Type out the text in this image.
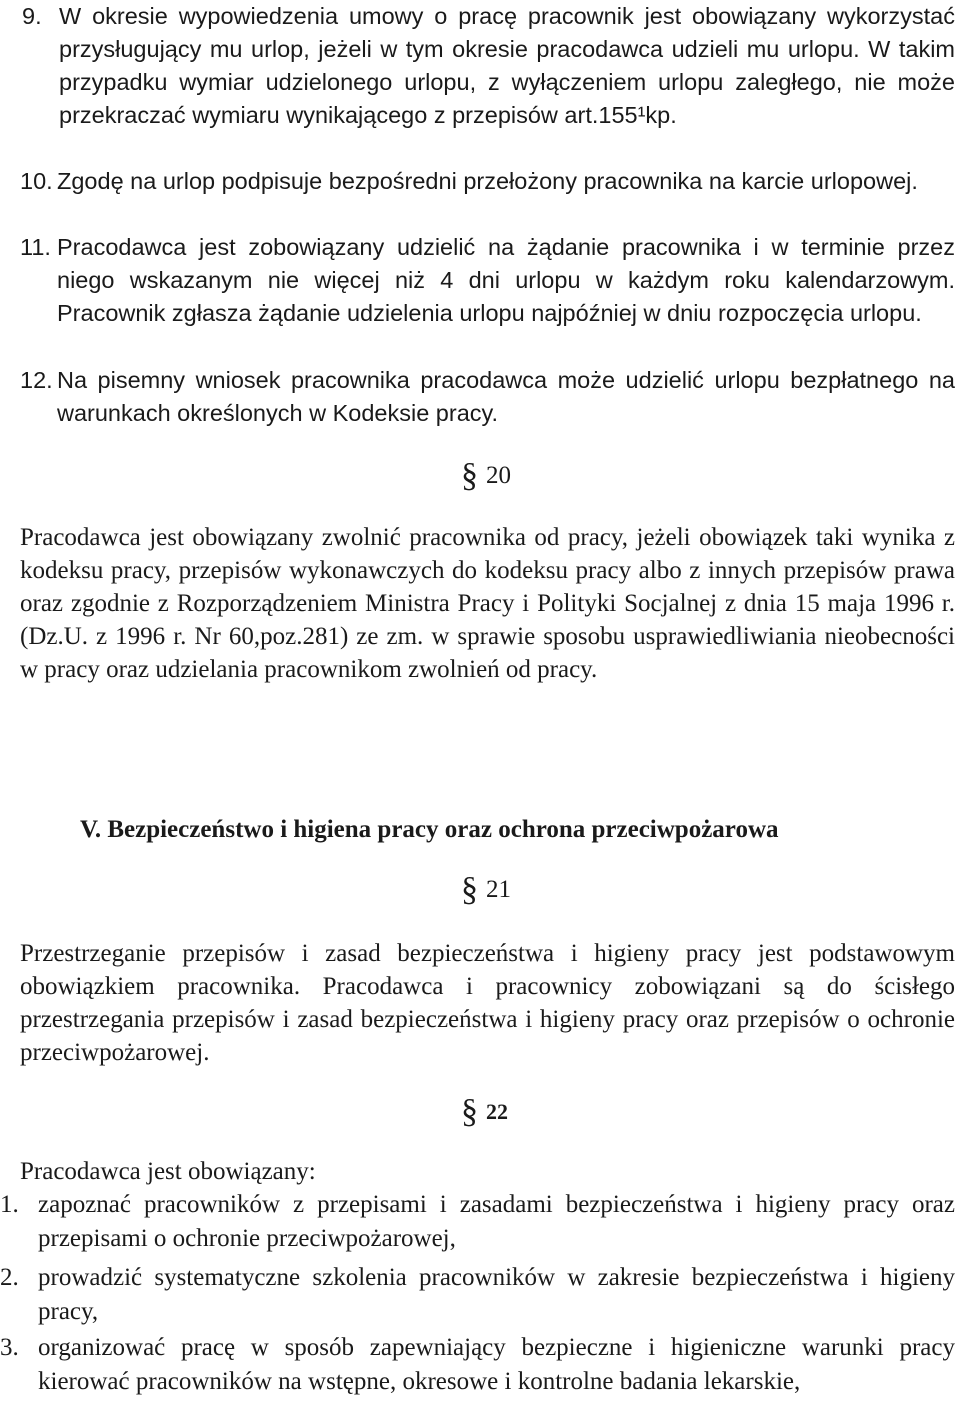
9. W okresie wypowiedzenia umowy o pracę pracownik jest obowiązany wykorzystać przysługujący mu urlop, jeżeli w tym okresie pracodawca udzieli mu urlopu. W takim przypadku wymiar udzielonego urlopu, z wyłączeniem urlopu zaległego, nie może przekraczać wymiaru wynikającego z przepisów art.155¹kp.
10. Zgodę na urlop podpisuje bezpośredni przełożony pracownika na karcie urlopowej.
11. Pracodawca jest zobowiązany udzielić na żądanie pracownika i w terminie przez niego wskazanym nie więcej niż 4 dni urlopu w każdym roku kalendarzowym. Pracownik zgłasza żądanie udzielenia urlopu najpóźniej w dniu rozpoczęcia urlopu.
12. Na pisemny wniosek pracownika pracodawca może udzielić urlopu bezpłatnego na warunkach określonych w Kodeksie pracy.
§ 20
Pracodawca jest obowiązany zwolnić pracownika od pracy, jeżeli obowiązek taki wynika z kodeksu pracy, przepisów wykonawczych do kodeksu pracy albo z innych przepisów prawa oraz zgodnie z Rozporządzeniem Ministra Pracy i Polityki Socjalnej z dnia 15 maja 1996 r. (Dz.U. z 1996 r. Nr 60,poz.281) ze zm. w sprawie sposobu usprawiedliwiania nieobecności w pracy oraz udzielania pracownikom zwolnień od pracy.
V. Bezpieczeństwo i higiena pracy oraz ochrona przeciwpożarowa
§ 21
Przestrzeganie przepisów i zasad bezpieczeństwa i higieny pracy jest podstawowym obowiązkiem pracownika. Pracodawca i pracownicy zobowiązani są do ścisłego przestrzegania przepisów i zasad bezpieczeństwa i higieny pracy oraz przepisów o ochronie przeciwpożarowej.
§ 22
Pracodawca jest obowiązany:
1. zapoznać pracowników z przepisami i zasadami bezpieczeństwa i higieny pracy oraz przepisami o ochronie przeciwpożarowej,
2. prowadzić systematyczne szkolenia pracowników w zakresie bezpieczeństwa i higieny pracy,
3. organizować pracę w sposób zapewniający bezpieczne i higieniczne warunki pracy kierować pracowników na wstępne, okresowe i kontrolne badania lekarskie,
